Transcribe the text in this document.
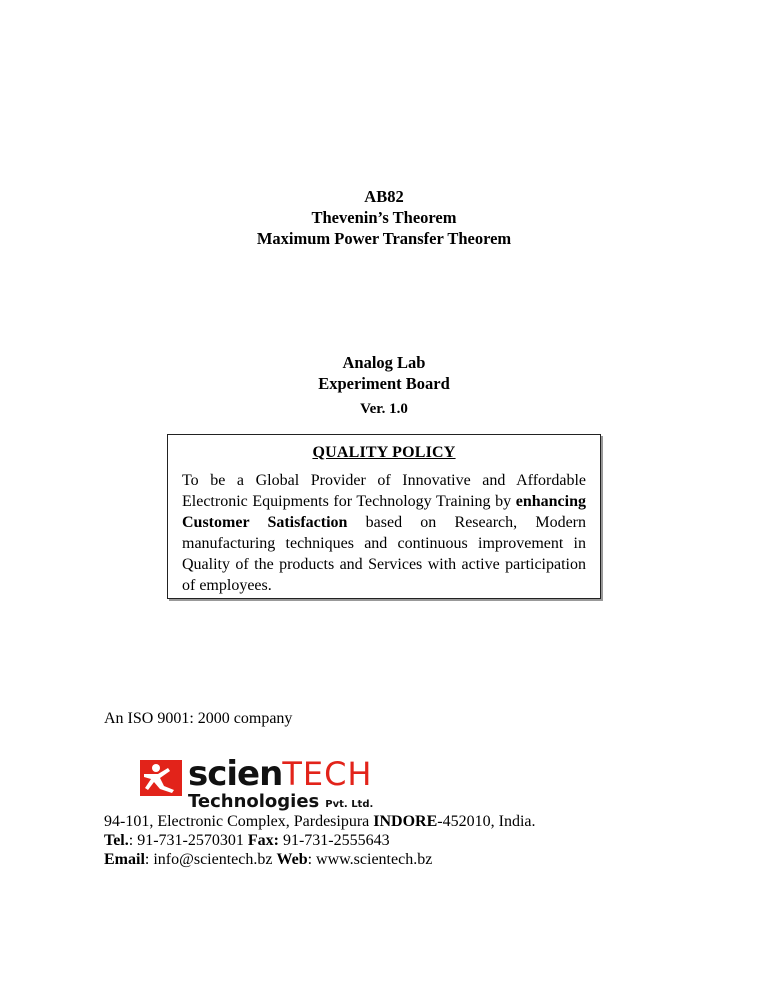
AB82
Thevenin’s Theorem
Maximum Power Transfer Theorem
Analog Lab
Experiment Board
Ver. 1.0
QUALITY POLICY

To be a Global Provider of Innovative and Affordable Electronic Equipments for Technology Training by enhancing Customer Satisfaction based on Research, Modern manufacturing techniques and continuous improvement in Quality of the products and Services with active participation of employees.

An ISO 9001: 2000 company
scienTECH
Technologies Pvt. Ltd.
94-101, Electronic Complex, Pardesipura INDORE-452010, India.
Tel.: 91-731-2570301 Fax: 91-731-2555643
Email: info@scientech.bz Web: www.scientech.bz
